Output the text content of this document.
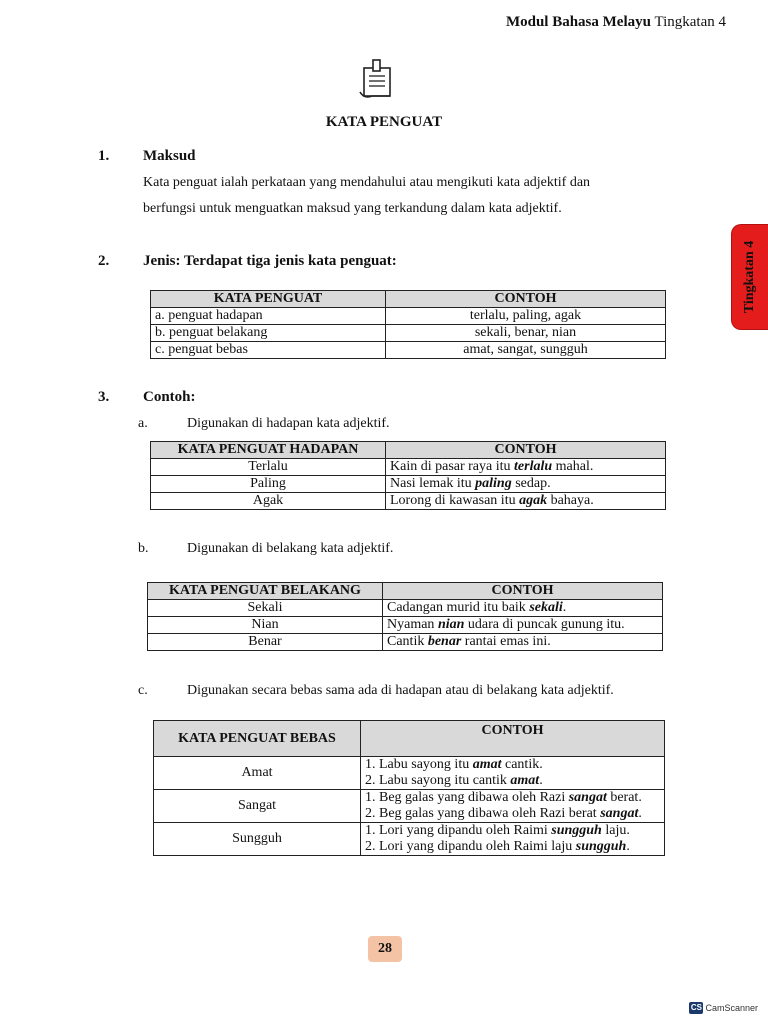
Modul Bahasa Melayu Tingkatan 4
KATA PENGUAT
Tingkatan 4
1. Maksud
Kata penguat ialah perkataan yang mendahului atau mengikuti kata adjektif dan
berfungsi untuk menguatkan maksud yang terkandung dalam kata adjektif.
2. Jenis: Terdapat tiga jenis kata penguat:
KATA PENGUAT	CONTOH
a. penguat hadapan	terlalu, paling, agak
b. penguat belakang	sekali, benar, nian
c. penguat bebas	amat, sangat, sungguh
3. Contoh:
a.	Digunakan di hadapan kata adjektif.
KATA PENGUAT HADAPAN	CONTOH
Terlalu	Kain di pasar raya itu terlalu mahal.
Paling	Nasi lemak itu paling sedap.
Agak	Lorong di kawasan itu agak bahaya.
b.	Digunakan di belakang kata adjektif.
KATA PENGUAT BELAKANG	CONTOH
Sekali	Cadangan murid itu baik sekali.
Nian	Nyaman nian udara di puncak gunung itu.
Benar	Cantik benar rantai emas ini.
c.	Digunakan secara bebas sama ada di hadapan atau di belakang kata adjektif.
KATA PENGUAT BEBAS	CONTOH
Amat	1. Labu sayong itu amat cantik.
2. Labu sayong itu cantik amat.

Sangat	1. Beg galas yang dibawa oleh Razi sangat berat.
2. Beg galas yang dibawa oleh Razi berat sangat.

Sungguh	1. Lori yang dipandu oleh Raimi sungguh laju.
2. Lori yang dipandu oleh Raimi laju sungguh.
28
CS CamScanner
